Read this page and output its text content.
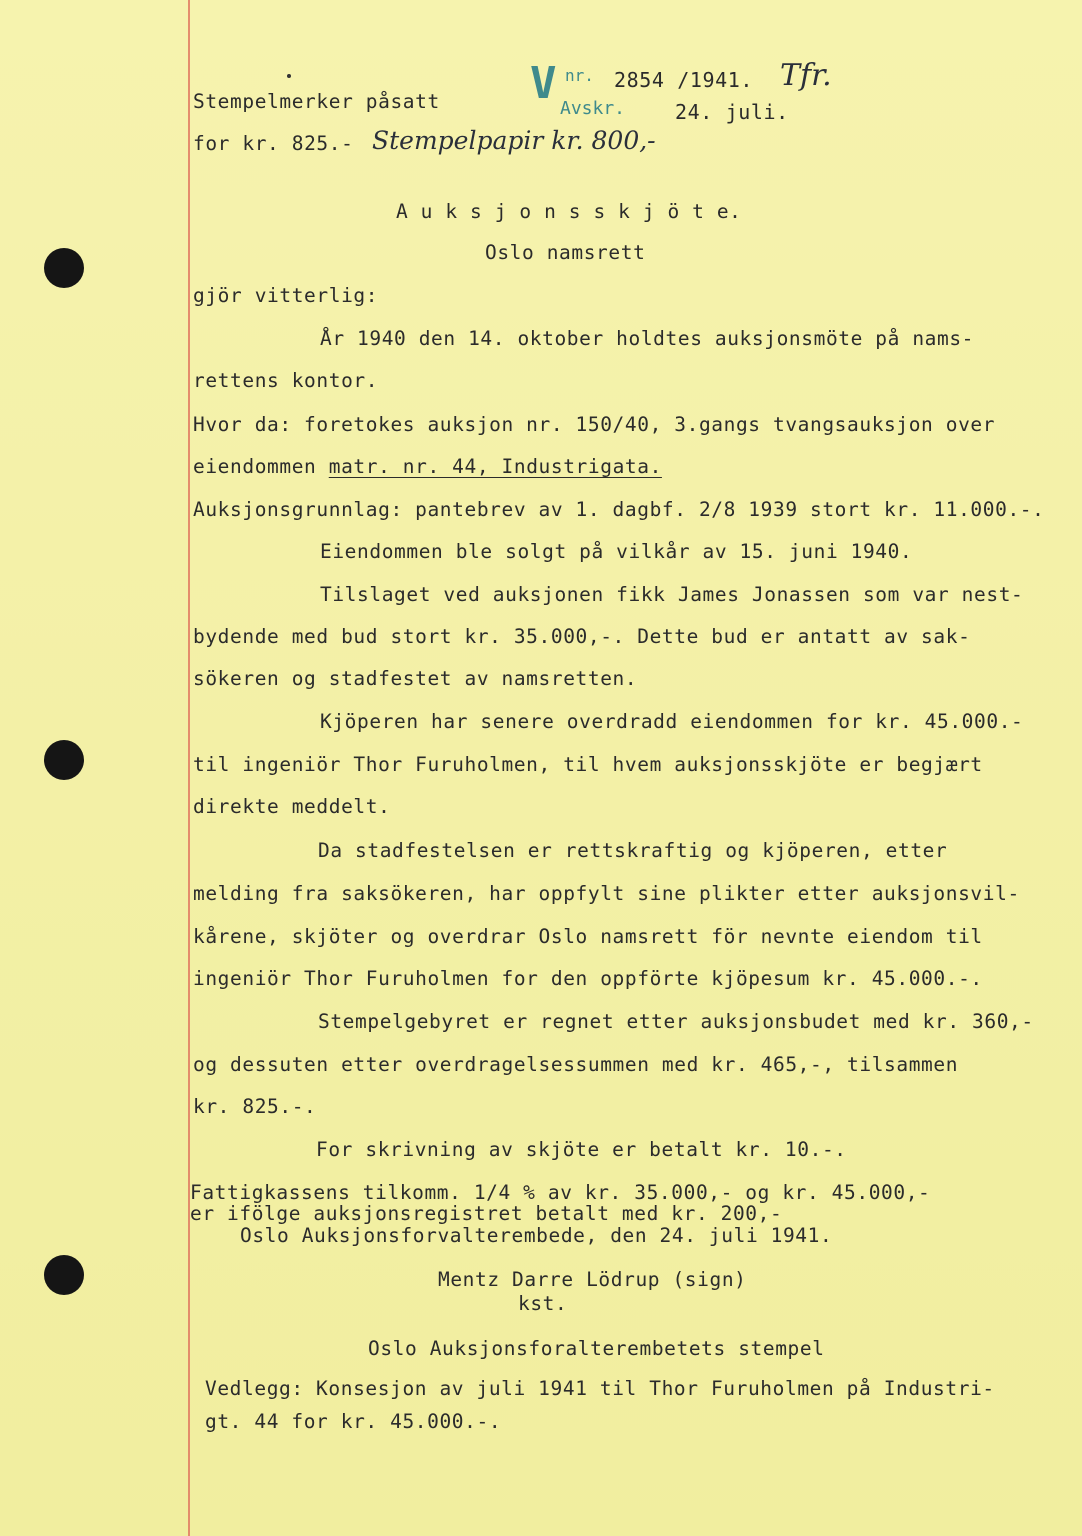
Stempelmerker påsatt
for kr. 825.- Stempelpapir kr. 800,-
V nr. 2854 /1941. Tfr.
Avskr. 24. juli.
A u k s j o n s s k j ö t e.
Oslo namsrett
gjör vitterlig:
År 1940 den 14. oktober holdtes auksjonsmöte på nams-
rettens kontor.
Hvor da: foretokes auksjon nr. 150/40, 3.gangs tvangsauksjon over
eiendommen matr. nr. 44, Industrigata.
Auksjonsgrunnlag: pantebrev av 1. dagbf. 2/8 1939 stort kr. 11.000.-.
Eiendommen ble solgt på vilkår av 15. juni 1940.
Tilslaget ved auksjonen fikk James Jonassen som var nest-
bydende med bud stort kr. 35.000,-. Dette bud er antatt av sak-
sökeren og stadfestet av namsretten.
Kjöperen har senere overdradd eiendommen for kr. 45.000.-
til ingeniör Thor Furuholmen, til hvem auksjonsskjöte er begjært
direkte meddelt.
Da stadfestelsen er rettskraftig og kjöperen, etter
melding fra saksökeren, har oppfylt sine plikter etter auksjonsvil-
kårene, skjöter og overdrar Oslo namsrett för nevnte eiendom til
ingeniör Thor Furuholmen for den oppförte kjöpesum kr. 45.000.-.
Stempelgebyret er regnet etter auksjonsbudet med kr. 360,-
og dessuten etter overdragelsessummen med kr. 465,-, tilsammen
kr. 825.-.
For skrivning av skjöte er betalt kr. 10.-.
Fattigkassens tilkomm. 1/4 % av kr. 35.000,- og kr. 45.000,-
er ifölge auksjonsregistret betalt med kr. 200,-
Oslo Auksjonsforvalterembede, den 24. juli 1941.
Mentz Darre Lödrup (sign)
kst.
Oslo Auksjonsforalterembetets stempel
Vedlegg: Konsesjon av juli 1941 til Thor Furuholmen på Industri-
gt. 44 for kr. 45.000.-.
